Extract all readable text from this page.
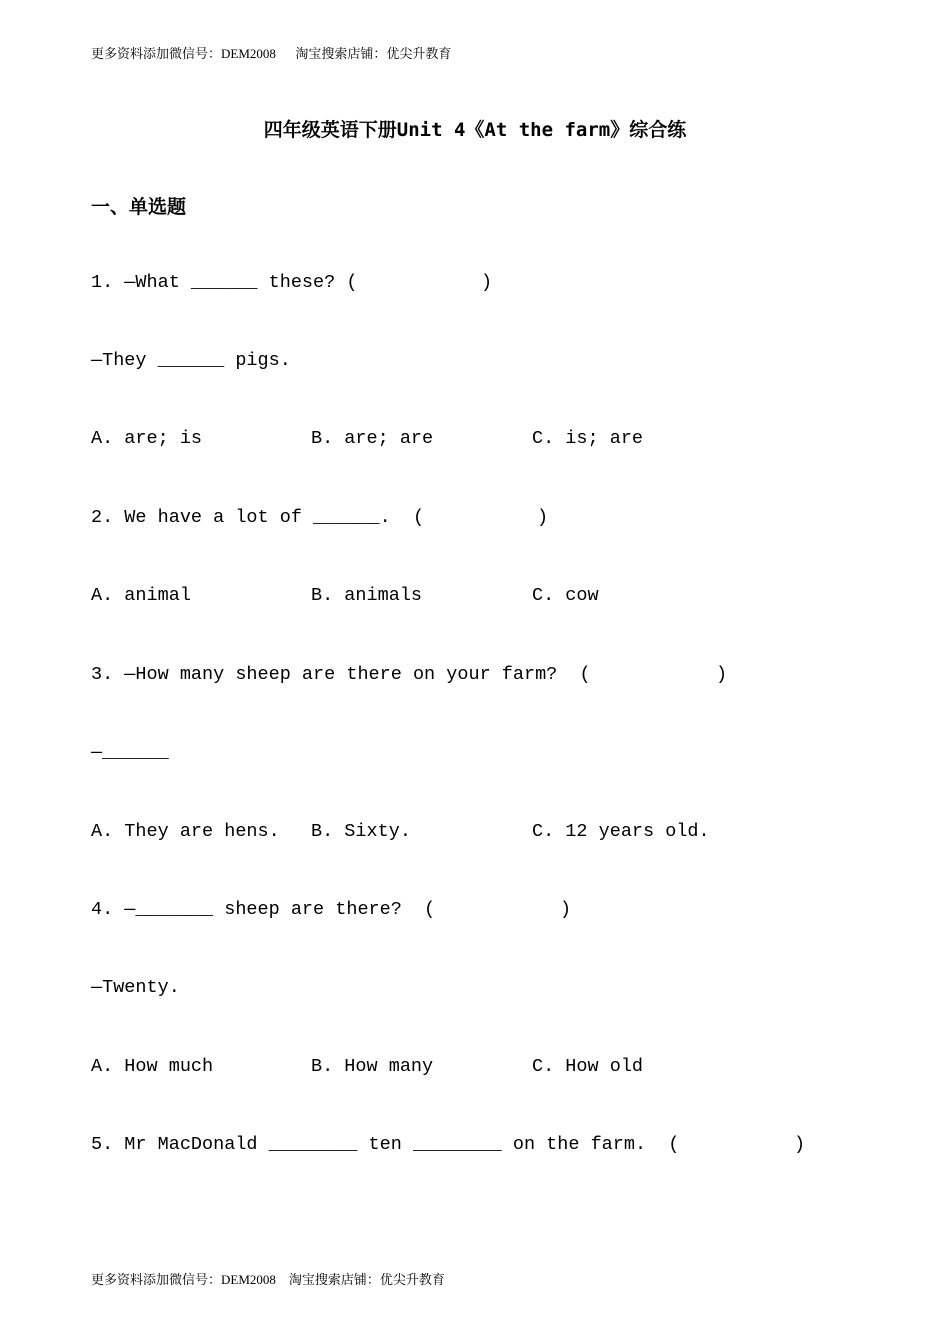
更多资料添加微信号：DEM2008      淘宝搜索店铺：优尖升教育
四年级英语下册Unit 4《At the farm》综合练
一、单选题
1. —What ______ these? (	)
—They ______ pigs.
A. are; is	B. are; are	C. is; are
2. We have a lot of ______.  (	)
A. animal	B. animals	C. cow
3. —How many sheep are there on your farm?  (	)
—______
A. They are hens. B. Sixty.	C. 12 years old.
4. —_______ sheep are there?  (	)
—Twenty.
A. How much	B. How many	C. How old
5. Mr MacDonald ________ ten ________ on the farm.  (	)
更多资料添加微信号：DEM2008    淘宝搜索店铺：优尖升教育
